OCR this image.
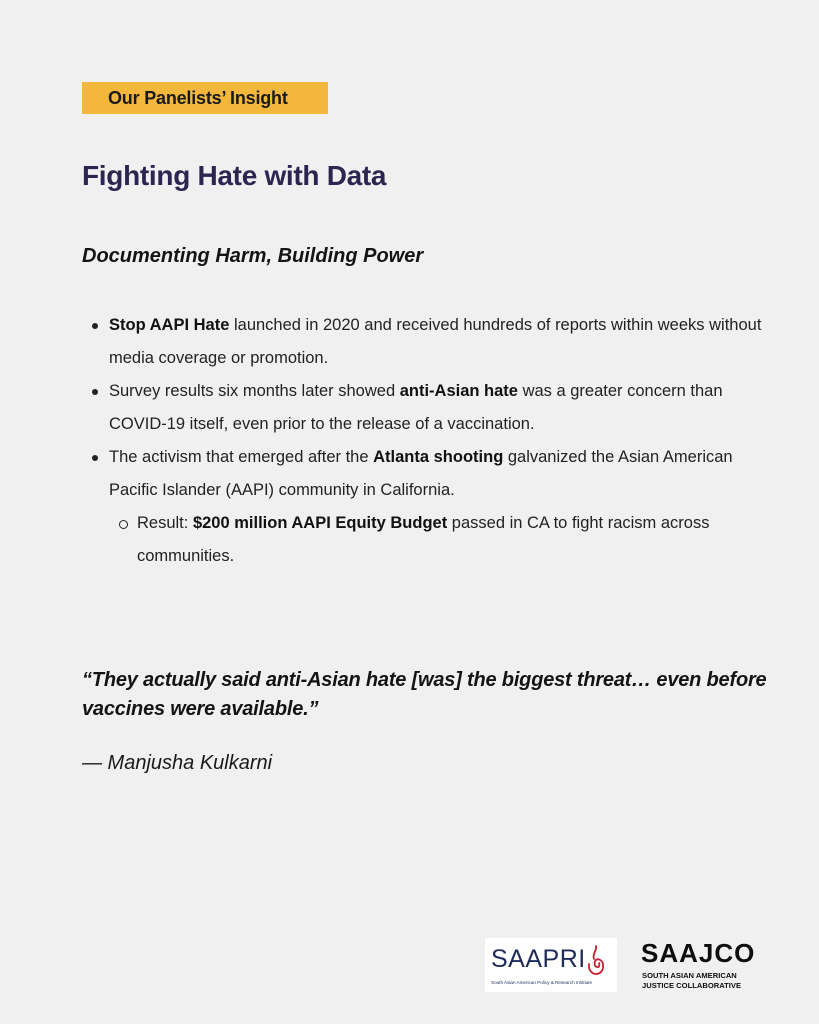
Our Panelists’ Insight
Fighting Hate with Data
Documenting Harm, Building Power
Stop AAPI Hate launched in 2020 and received hundreds of reports within weeks without media coverage or promotion.
Survey results six months later showed anti-Asian hate was a greater concern than COVID-19 itself, even prior to the release of a vaccination.
The activism that emerged after the Atlanta shooting galvanized the Asian American Pacific Islander (AAPI) community in California.
Result: $200 million AAPI Equity Budget passed in CA to fight racism across communities.
“They actually said anti-Asian hate [was] the biggest threat… even before vaccines were available.”
— Manjusha Kulkarni
SAAPRI
South Asian American Policy & Research Institute
SAAJCO
SOUTH ASIAN AMERICAN
JUSTICE COLLABORATIVE
